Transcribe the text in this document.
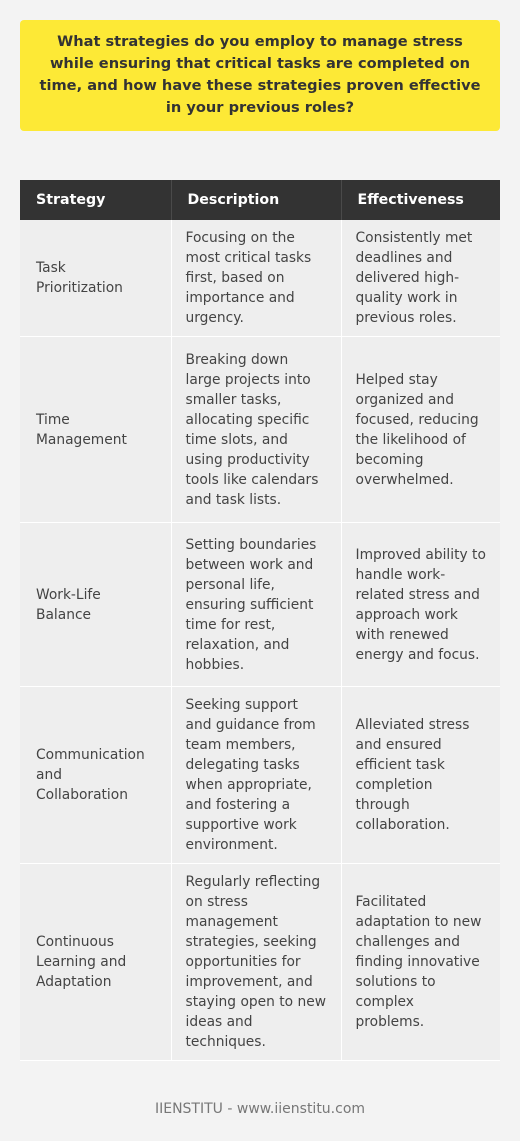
What strategies do you employ to manage stress while ensuring that critical tasks are completed on time, and how have these strategies proven effective in your previous roles?
Strategy	Description	Effectiveness
Task Prioritization	Focusing on the most critical tasks first, based on importance and urgency.	Consistently met deadlines and delivered high-quality work in previous roles.
Time Management	Breaking down large projects into smaller tasks, allocating specific time slots, and using productivity tools like calendars and task lists.	Helped stay organized and focused, reducing the likelihood of becoming overwhelmed.
Work-Life Balance	Setting boundaries between work and personal life, ensuring sufficient time for rest, relaxation, and hobbies.	Improved ability to handle work-related stress and approach work with renewed energy and focus.
Communication and Collaboration	Seeking support and guidance from team members, delegating tasks when appropriate, and fostering a supportive work environment.	Alleviated stress and ensured efficient task completion through collaboration.
Continuous Learning and Adaptation	Regularly reflecting on stress management strategies, seeking opportunities for improvement, and staying open to new ideas and techniques.	Facilitated adaptation to new challenges and finding innovative solutions to complex problems.
IIENSTITU - www.iienstitu.com
